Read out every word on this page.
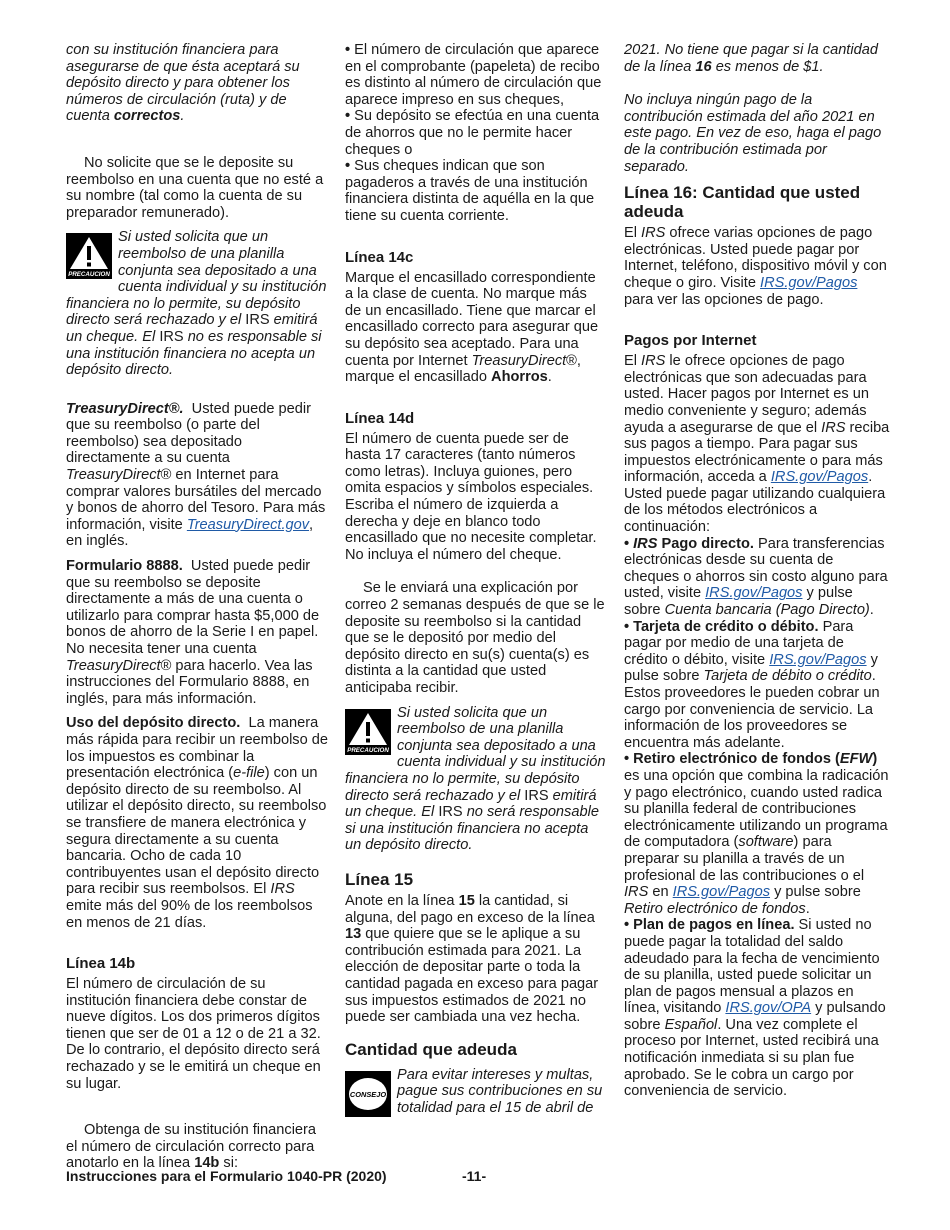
con su institución financiera para asegurarse de que ésta aceptará su depósito directo y para obtener los números de circulación (ruta) y de cuenta correctos.

No solicite que se le deposite su reembolso en una cuenta que no esté a su nombre (tal como la cuenta de su preparador remunerado).

PRECAUCION
Si usted solicita que un reembolso de una planilla conjunta sea depositado a una cuenta individual y su institución financiera no lo permite, su depósito directo será rechazado y el IRS emitirá un cheque. El IRS no es responsable si una institución financiera no acepta un depósito directo.

TreasuryDirect®. Usted puede pedir que su reembolso (o parte del reembolso) sea depositado directamente a su cuenta TreasuryDirect® en Internet para comprar valores bursátiles del mercado y bonos de ahorro del Tesoro. Para más información, visite TreasuryDirect.gov, en inglés.

Formulario 8888. Usted puede pedir que su reembolso se deposite directamente a más de una cuenta o utilizarlo para comprar hasta $5,000 de bonos de ahorro de la Serie I en papel. No necesita tener una cuenta TreasuryDirect® para hacerlo. Vea las instrucciones del Formulario 8888, en inglés, para más información.

Uso del depósito directo. La manera más rápida para recibir un reembolso de los impuestos es combinar la presentación electrónica (e-file) con un depósito directo de su reembolso. Al utilizar el depósito directo, su reembolso se transfiere de manera electrónica y segura directamente a su cuenta bancaria. Ocho de cada 10 contribuyentes usan el depósito directo para recibir sus reembolsos. El IRS emite más del 90% de los reembolsos en menos de 21 días.

Línea 14b

El número de circulación de su institución financiera debe constar de nueve dígitos. Los dos primeros dígitos tienen que ser de 01 a 12 o de 21 a 32. De lo contrario, el depósito directo será rechazado y se le emitirá un cheque en su lugar.

Obtenga de su institución financiera el número de circulación correcto para anotarlo en la línea 14b si:

• El número de circulación que aparece en el comprobante (papeleta) de recibo es distinto al número de circulación que aparece impreso en sus cheques,

• Su depósito se efectúa en una cuenta de ahorros que no le permite hacer cheques o

• Sus cheques indican que son pagaderos a través de una institución financiera distinta de aquélla en la que tiene su cuenta corriente.

Línea 14c

Marque el encasillado correspondiente a la clase de cuenta. No marque más de un encasillado. Tiene que marcar el encasillado correcto para asegurar que su depósito sea aceptado. Para una cuenta por Internet TreasuryDirect®, marque el encasillado Ahorros.

Línea 14d

El número de cuenta puede ser de hasta 17 caracteres (tanto números como letras). Incluya guiones, pero omita espacios y símbolos especiales. Escriba el número de izquierda a derecha y deje en blanco todo encasillado que no necesite completar. No incluya el número del cheque.

Se le enviará una explicación por correo 2 semanas después de que se le deposite su reembolso si la cantidad que se le depositó por medio del depósito directo en su(s) cuenta(s) es distinta a la cantidad que usted anticipaba recibir.

PRECAUCION
Si usted solicita que un reembolso de una planilla conjunta sea depositado a una cuenta individual y su institución financiera no lo permite, su depósito directo será rechazado y el IRS emitirá un cheque. El IRS no será responsable si una institución financiera no acepta un depósito directo.
Línea 15

Anote en la línea 15 la cantidad, si alguna, del pago en exceso de la línea 13 que quiere que se le aplique a su contribución estimada para 2021. La elección de depositar parte o toda la cantidad pagada en exceso para pagar sus impuestos estimados de 2021 no puede ser cambiada una vez hecha.

Cantidad que adeuda
CONSEJO
Para evitar intereses y multas, pague sus contribuciones en su totalidad para el 15 de abril de

2021. No tiene que pagar si la cantidad de la línea 16 es menos de $1.

No incluya ningún pago de la contribución estimada del año 2021 en este pago. En vez de eso, haga el pago de la contribución estimada por separado.

Línea 16: Cantidad que usted adeuda

El IRS ofrece varias opciones de pago electrónicas. Usted puede pagar por Internet, teléfono, dispositivo móvil y con cheque o giro. Visite IRS.gov/Pagos para ver las opciones de pago.

Pagos por Internet

El IRS le ofrece opciones de pago electrónicas que son adecuadas para usted. Hacer pagos por Internet es un medio conveniente y seguro; además ayuda a asegurarse de que el IRS reciba sus pagos a tiempo. Para pagar sus impuestos electrónicamente o para más información, acceda a IRS.gov/Pagos. Usted puede pagar utilizando cualquiera de los métodos electrónicos a continuación:

• IRS Pago directo. Para transferencias electrónicas desde su cuenta de cheques o ahorros sin costo alguno para usted, visite IRS.gov/Pagos y pulse sobre Cuenta bancaria (Pago Directo).

• Tarjeta de crédito o débito. Para pagar por medio de una tarjeta de crédito o débito, visite IRS.gov/Pagos y pulse sobre Tarjeta de débito o crédito. Estos proveedores le pueden cobrar un cargo por conveniencia de servicio. La información de los proveedores se encuentra más adelante.

• Retiro electrónico de fondos (EFW) es una opción que combina la radicación y pago electrónico, cuando usted radica su planilla federal de contribuciones electrónicamente utilizando un programa de computadora (software) para preparar su planilla a través de un profesional de las contribuciones o el IRS en IRS.gov/Pagos y pulse sobre Retiro electrónico de fondos.

• Plan de pagos en línea. Si usted no puede pagar la totalidad del saldo adeudado para la fecha de vencimiento de su planilla, usted puede solicitar un plan de pagos mensual a plazos en línea, visitando IRS.gov/OPA y pulsando sobre Español. Una vez complete el proceso por Internet, usted recibirá una notificación inmediata si su plan fue aprobado. Se le cobra un cargo por conveniencia de servicio.

Instrucciones para el Formulario 1040-PR (2020)	-11-
